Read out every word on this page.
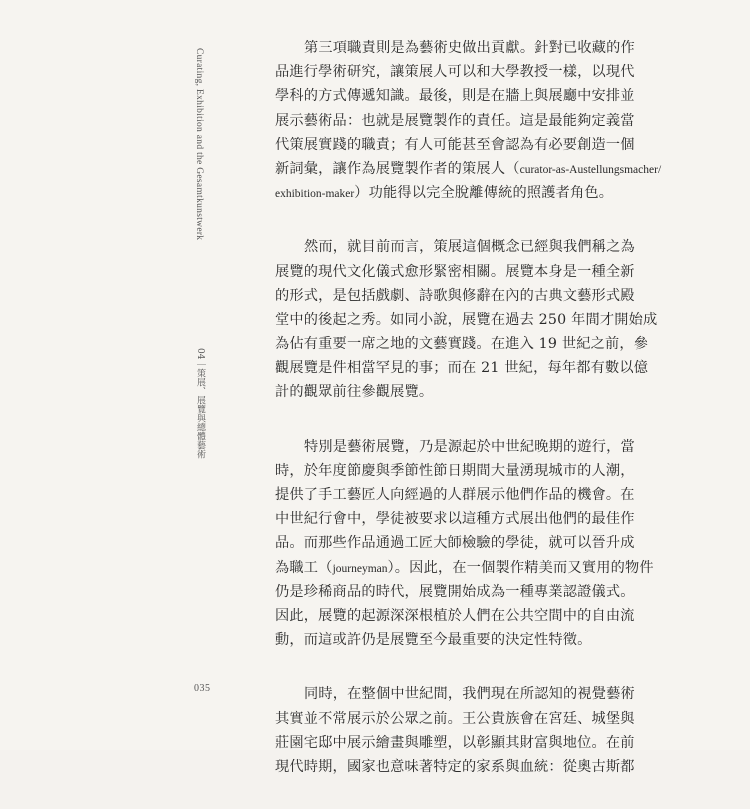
Curating, Exhibition and the Gesamtkunstwerk
04｜策展、展覽與總體藝術
035
第三項職責則是為藝術史做出貢獻。針對已收藏的作
品進行學術研究，讓策展人可以和大學教授一樣，以現代
學科的方式傳遞知識。最後，則是在牆上與展廳中安排並
展示藝術品：也就是展覽製作的責任。這是最能夠定義當
代策展實踐的職責；有人可能甚至會認為有必要創造一個
新詞彙，讓作為展覽製作者的策展人（curator-as-Austellungsmacher/
exhibition-maker）功能得以完全脫離傳統的照護者角色。
然而，就目前而言，策展這個概念已經與我們稱之為
展覽的現代文化儀式愈形緊密相關。展覽本身是一種全新
的形式，是包括戲劇、詩歌與修辭在內的古典文藝形式殿
堂中的後起之秀。如同小說，展覽在過去 250 年間才開始成
為佔有重要一席之地的文藝實踐。在進入 19 世紀之前，參
觀展覽是件相當罕見的事；而在 21 世紀，每年都有數以億
計的觀眾前往參觀展覽。
特別是藝術展覽，乃是源起於中世紀晚期的遊行，當
時，於年度節慶與季節性節日期間大量湧現城市的人潮，
提供了手工藝匠人向經過的人群展示他們作品的機會。在
中世紀行會中，學徒被要求以這種方式展出他們的最佳作
品。而那些作品通過工匠大師檢驗的學徒，就可以晉升成
為職工（journeyman）。因此，在一個製作精美而又實用的物件
仍是珍稀商品的時代，展覽開始成為一種專業認證儀式。
因此，展覽的起源深深根植於人們在公共空間中的自由流
動，而這或許仍是展覽至今最重要的決定性特徵。
同時，在整個中世紀間，我們現在所認知的視覺藝術
其實並不常展示於公眾之前。王公貴族會在宮廷、城堡與
莊園宅邸中展示繪畫與雕塑，以彰顯其財富與地位。在前
現代時期，國家也意味著特定的家系與血統：從奧古斯都
